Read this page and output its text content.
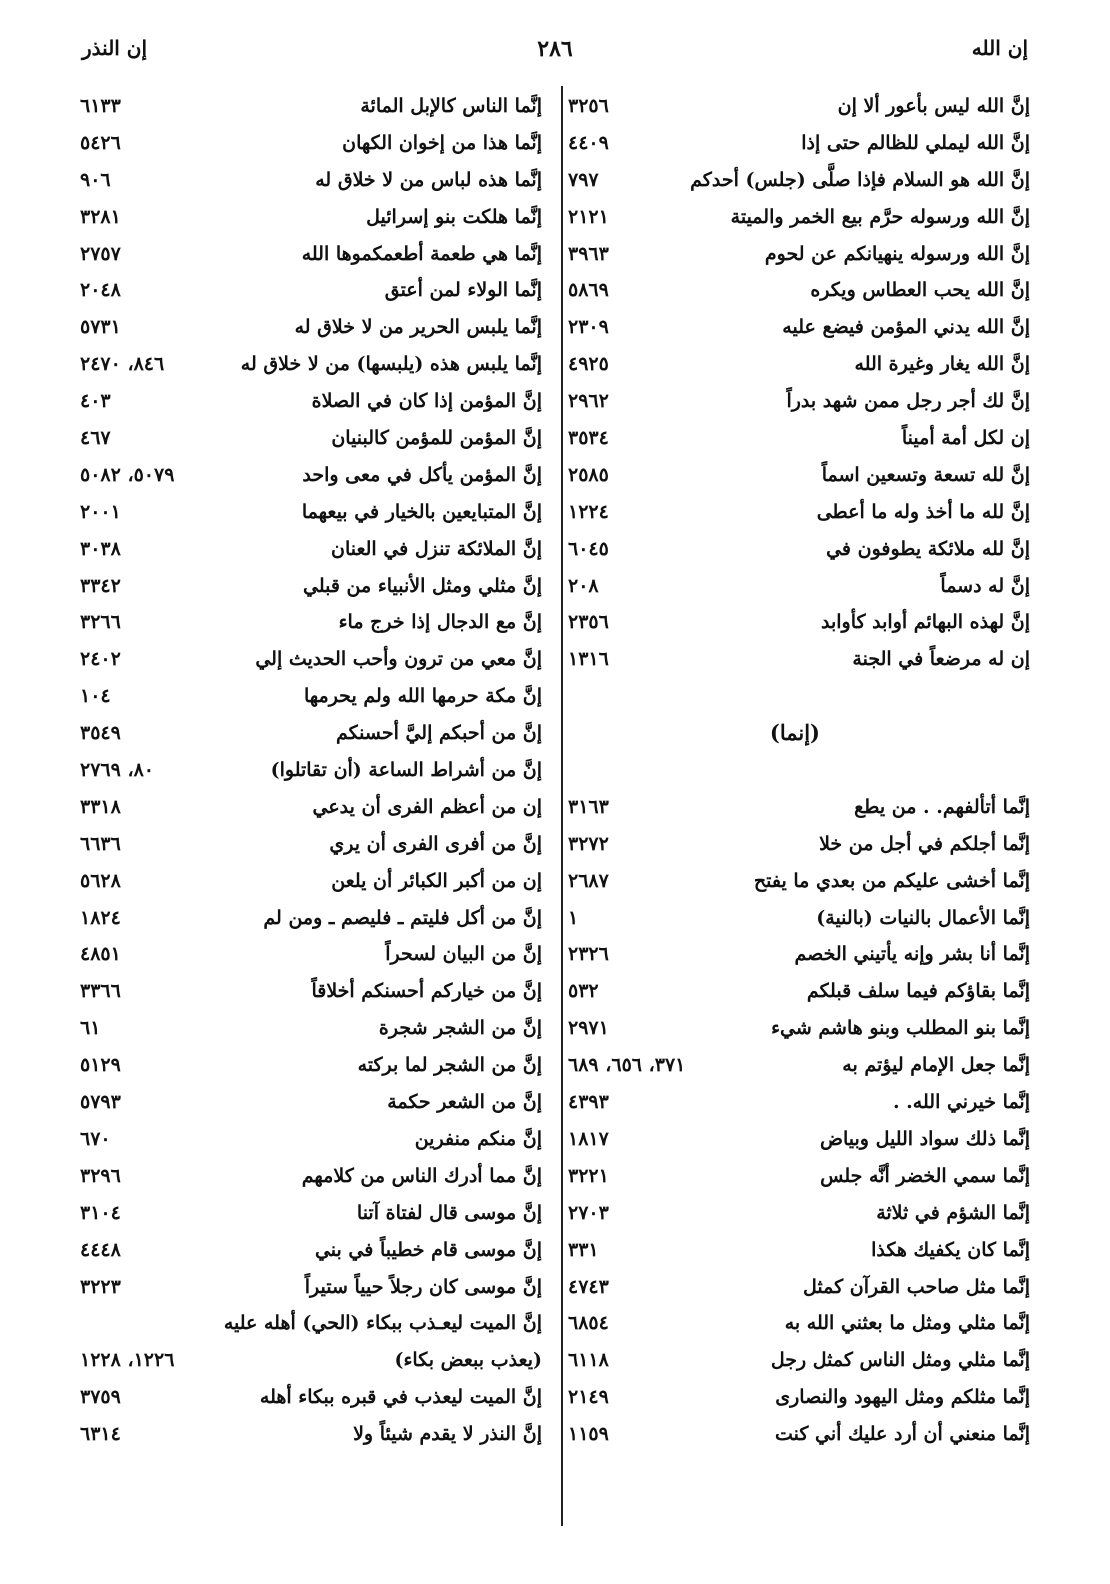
إن النذر	٢٨٦	إن الله
إنَّ الله ليس بأعور ألا إن
٣٢٥٦
إنَّ الله ليملي للظالم حتى إذا
٤٤٠٩
إنَّ الله هو السلام فإذا صلَّى (جلس) أحدكم
٧٩٧
إنَّ الله ورسوله حرَّم بيع الخمر والميتة
٢١٢١
إنَّ الله ورسوله ينهيانكم عن لحوم
٣٩٦٣
إنَّ الله يحب العطاس ويكره
٥٨٦٩
إنَّ الله يدني المؤمن فيضع عليه
٢٣٠٩
إنَّ الله يغار وغيرة الله
٤٩٢٥
إنَّ لك أجر رجل ممن شهد بدراً
٢٩٦٢
إن لكل أمة أميناً
٣٥٣٤
إنَّ لله تسعة وتسعين اسماً
٢٥٨٥
إنَّ لله ما أخذ وله ما أعطى
١٢٢٤
إنَّ لله ملائكة يطوفون في
٦٠٤٥
إنَّ له دسماً
٢٠٨
إنَّ لهذه البهائم أوابد كأوابد
٢٣٥٦
إن له مرضعاً في الجنة
١٣١٦
(إنما)
إنَّما أتألفهم. . من يطع
٣١٦٣
إنَّما أجلكم في أجل من خلا
٣٢٧٢
إنَّما أخشى عليكم من بعدي ما يفتح
٢٦٨٧
إنَّما الأعمال بالنيات (بالنية)
١
إنَّما أنا بشر وإنه يأتيني الخصم
٢٣٢٦
إنَّما بقاؤكم فيما سلف قبلكم
٥٣٢
إنَّما بنو المطلب وبنو هاشم شيء
٢٩٧١
إنَّما جعل الإمام ليؤتم به
٣٧١، ٦٥٦، ٦٨٩
إنَّما خيرني الله. .
٤٣٩٣
إنَّما ذلك سواد الليل وبياض
١٨١٧
إنَّما سمي الخضر أنَّه جلس
٣٢٢١
إنَّما الشؤم في ثلاثة
٢٧٠٣
إنَّما كان يكفيك هكذا
٣٣١
إنَّما مثل صاحب القرآن كمثل
٤٧٤٣
إنَّما مثلي ومثل ما بعثني الله به
٦٨٥٤
إنَّما مثلي ومثل الناس كمثل رجل
٦١١٨
إنَّما مثلكم ومثل اليهود والنصارى
٢١٤٩
إنَّما منعني أن أرد عليك أني كنت
١١٥٩
إنَّما الناس كالإبل المائة
٦١٣٣
إنَّما هذا من إخوان الكهان
٥٤٢٦
إنَّما هذه لباس من لا خلاق له
٩٠٦
إنَّما هلكت بنو إسرائيل
٣٢٨١
إنَّما هي طعمة أطعمكموها الله
٢٧٥٧
إنَّما الولاء لمن أعتق
٢٠٤٨
إنَّما يلبس الحرير من لا خلاق له
٥٧٣١
إنَّما يلبس هذه (يلبسها) من لا خلاق له
٨٤٦، ٢٤٧٠
إنَّ المؤمن إذا كان في الصلاة
٤٠٣
إنَّ المؤمن للمؤمن كالبنيان
٤٦٧
إنَّ المؤمن يأكل في معى واحد
٥٠٧٩، ٥٠٨٢
إنَّ المتبايعين بالخيار في بيعهما
٢٠٠١
إنَّ الملائكة تنزل في العنان
٣٠٣٨
إنَّ مثلي ومثل الأنبياء من قبلي
٣٣٤٢
إنَّ مع الدجال إذا خرج ماء
٣٢٦٦
إنَّ معي من ترون وأحب الحديث إلي
٢٤٠٢
إنَّ مكة حرمها الله ولم يحرمها
١٠٤
إنَّ من أحبكم إليَّ أحسنكم
٣٥٤٩
إنَّ من أشراط الساعة (أن تقاتلوا)
٨٠، ٢٧٦٩
إن من أعظم الفرى أن يدعي
٣٣١٨
إنَّ من أفرى الفرى أن يري
٦٦٣٦
إن من أكبر الكبائر أن يلعن
٥٦٢٨
إنَّ من أكل فليتم ـ فليصم ـ ومن لم
١٨٢٤
إنَّ من البيان لسحراً
٤٨٥١
إنَّ من خياركم أحسنكم أخلاقاً
٣٣٦٦
إنَّ من الشجر شجرة
٦١
إنَّ من الشجر لما بركته
٥١٢٩
إنَّ من الشعر حكمة
٥٧٩٣
إنَّ منكم منفرين
٦٧٠
إنَّ مما أدرك الناس من كلامهم
٣٢٩٦
إنَّ موسى قال لفتاة آتنا
٣١٠٤
إنَّ موسى قام خطيباً في بني
٤٤٤٨
إنَّ موسى كان رجلاً حيياً ستيراً
٣٢٢٣
إنَّ الميت ليعـذب ببكاء (الحي) أهله عليه
(يعذب ببعض بكاء)
١٢٢٦، ١٢٢٨
إنَّ الميت ليعذب في قبره ببكاء أهله
٣٧٥٩
إنَّ النذر لا يقدم شيئاً ولا
٦٣١٤
